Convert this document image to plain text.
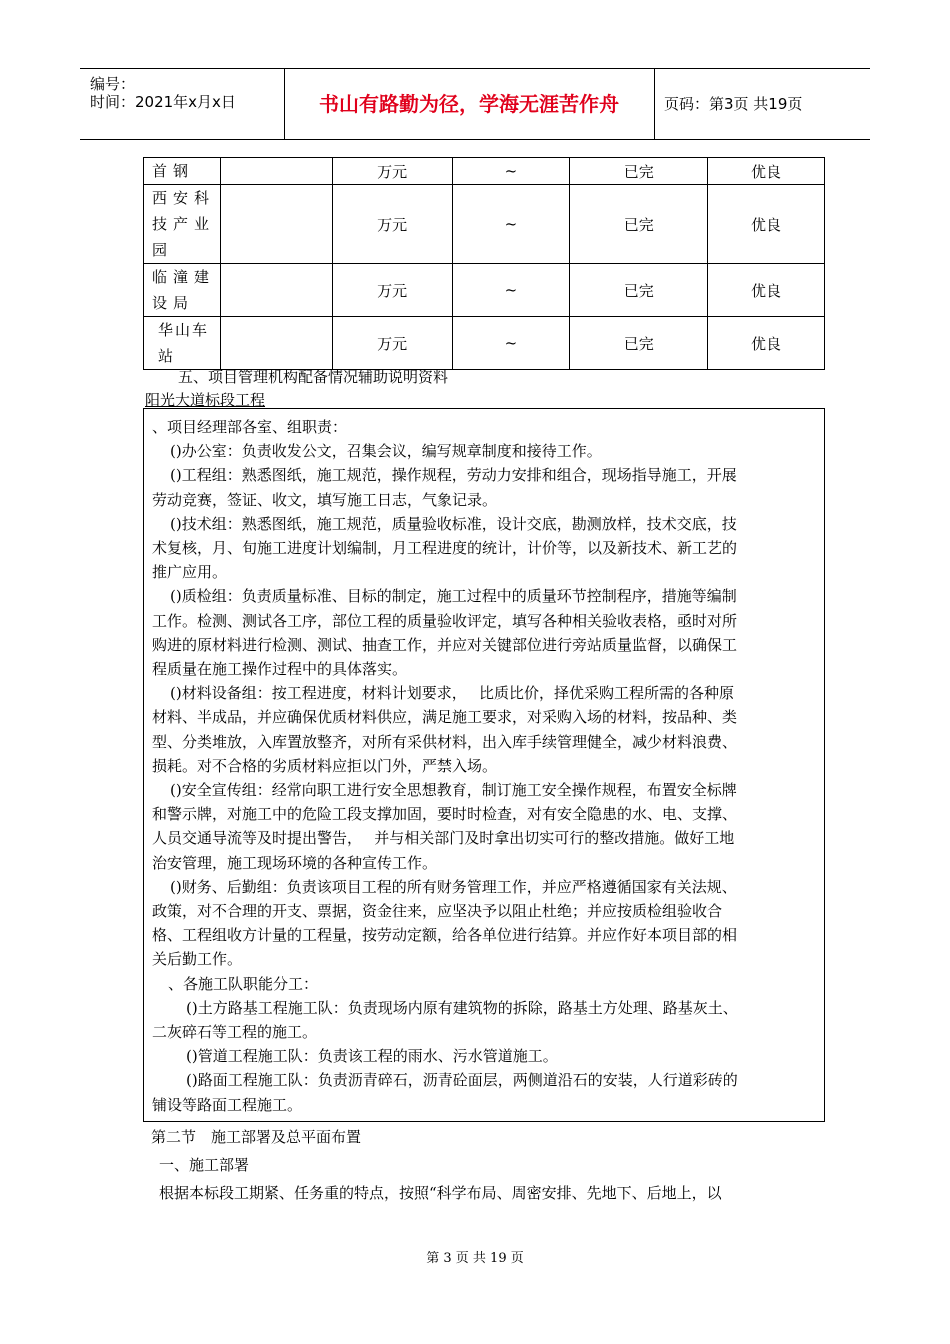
编号：
时间：2021年x月x日	书山有路勤为径，学海无涯苦作舟	页码：第3页 共19页
首钢		万元	~	已完	优良
西安科技产业园		万元	~	已完	优良
临潼建设局		万元	~	已完	优良
华山车站		万元	~	已完	优良
五、项目管理机构配备情况辅助说明资料
阳光大道标段工程
、项目经理部各室、组职责：
()办公室：负责收发公文，召集会议，编写规章制度和接待工作。
()工程组：熟悉图纸，施工规范，操作规程，劳动力安排和组合，现场指导施工，开展
劳动竞赛，签证、收文，填写施工日志，气象记录。
()技术组：熟悉图纸，施工规范，质量验收标准，设计交底，勘测放样，技术交底，技
术复核，月、旬施工进度计划编制，月工程进度的统计，计价等，以及新技术、新工艺的
推广应用。
()质检组：负责质量标准、目标的制定，施工过程中的质量环节控制程序，措施等编制
工作。检测、测试各工序，部位工程的质量验收评定，填写各种相关验收表格，亟时对所
购进的原材料进行检测、测试、抽查工作，并应对关键部位进行旁站质量监督，以确保工
程质量在施工操作过程中的具体落实。
()材料设备组：按工程进度，材料计划要求，　 比质比价，择优采购工程所需的各种原
材料、半成品，并应确保优质材料供应，满足施工要求，对采购入场的材料，按品种、类
型、分类堆放，入库置放整齐，对所有采供材料，出入库手续管理健全，减少材料浪费、
损耗。对不合格的劣质材料应拒以门外，严禁入场。
()安全宣传组：经常向职工进行安全思想教育，制订施工安全操作规程，布置安全标牌
和警示牌，对施工中的危险工段支撑加固，要时时检查，对有安全隐患的水、电、支撑、
人员交通导流等及时提出警告，　 并与相关部门及时拿出切实可行的整改措施。做好工地
治安管理，施工现场环境的各种宣传工作。
()财务、后勤组：负责该项目工程的所有财务管理工作，并应严格遵循国家有关法规、
政策，对不合理的开支、票据，资金往来，应坚决予以阻止杜绝；并应按质检组验收合
格、工程组收方计量的工程量，按劳动定额，给各单位进行结算。并应作好本项目部的相
关后勤工作。
、各施工队职能分工：
()土方路基工程施工队：负责现场内原有建筑物的拆除，路基土方处理、路基灰土、
二灰碎石等工程的施工。
()管道工程施工队：负责该工程的雨水、污水管道施工。
()路面工程施工队：负责沥青碎石，沥青砼面层，两侧道沿石的安装，人行道彩砖的
铺设等路面工程施工。
第二节　施工部署及总平面布置
一、施工部署
根据本标段工期紧、任务重的特点，按照“科学布局、周密安排、先地下、后地上，以
第 3 页 共 19 页
